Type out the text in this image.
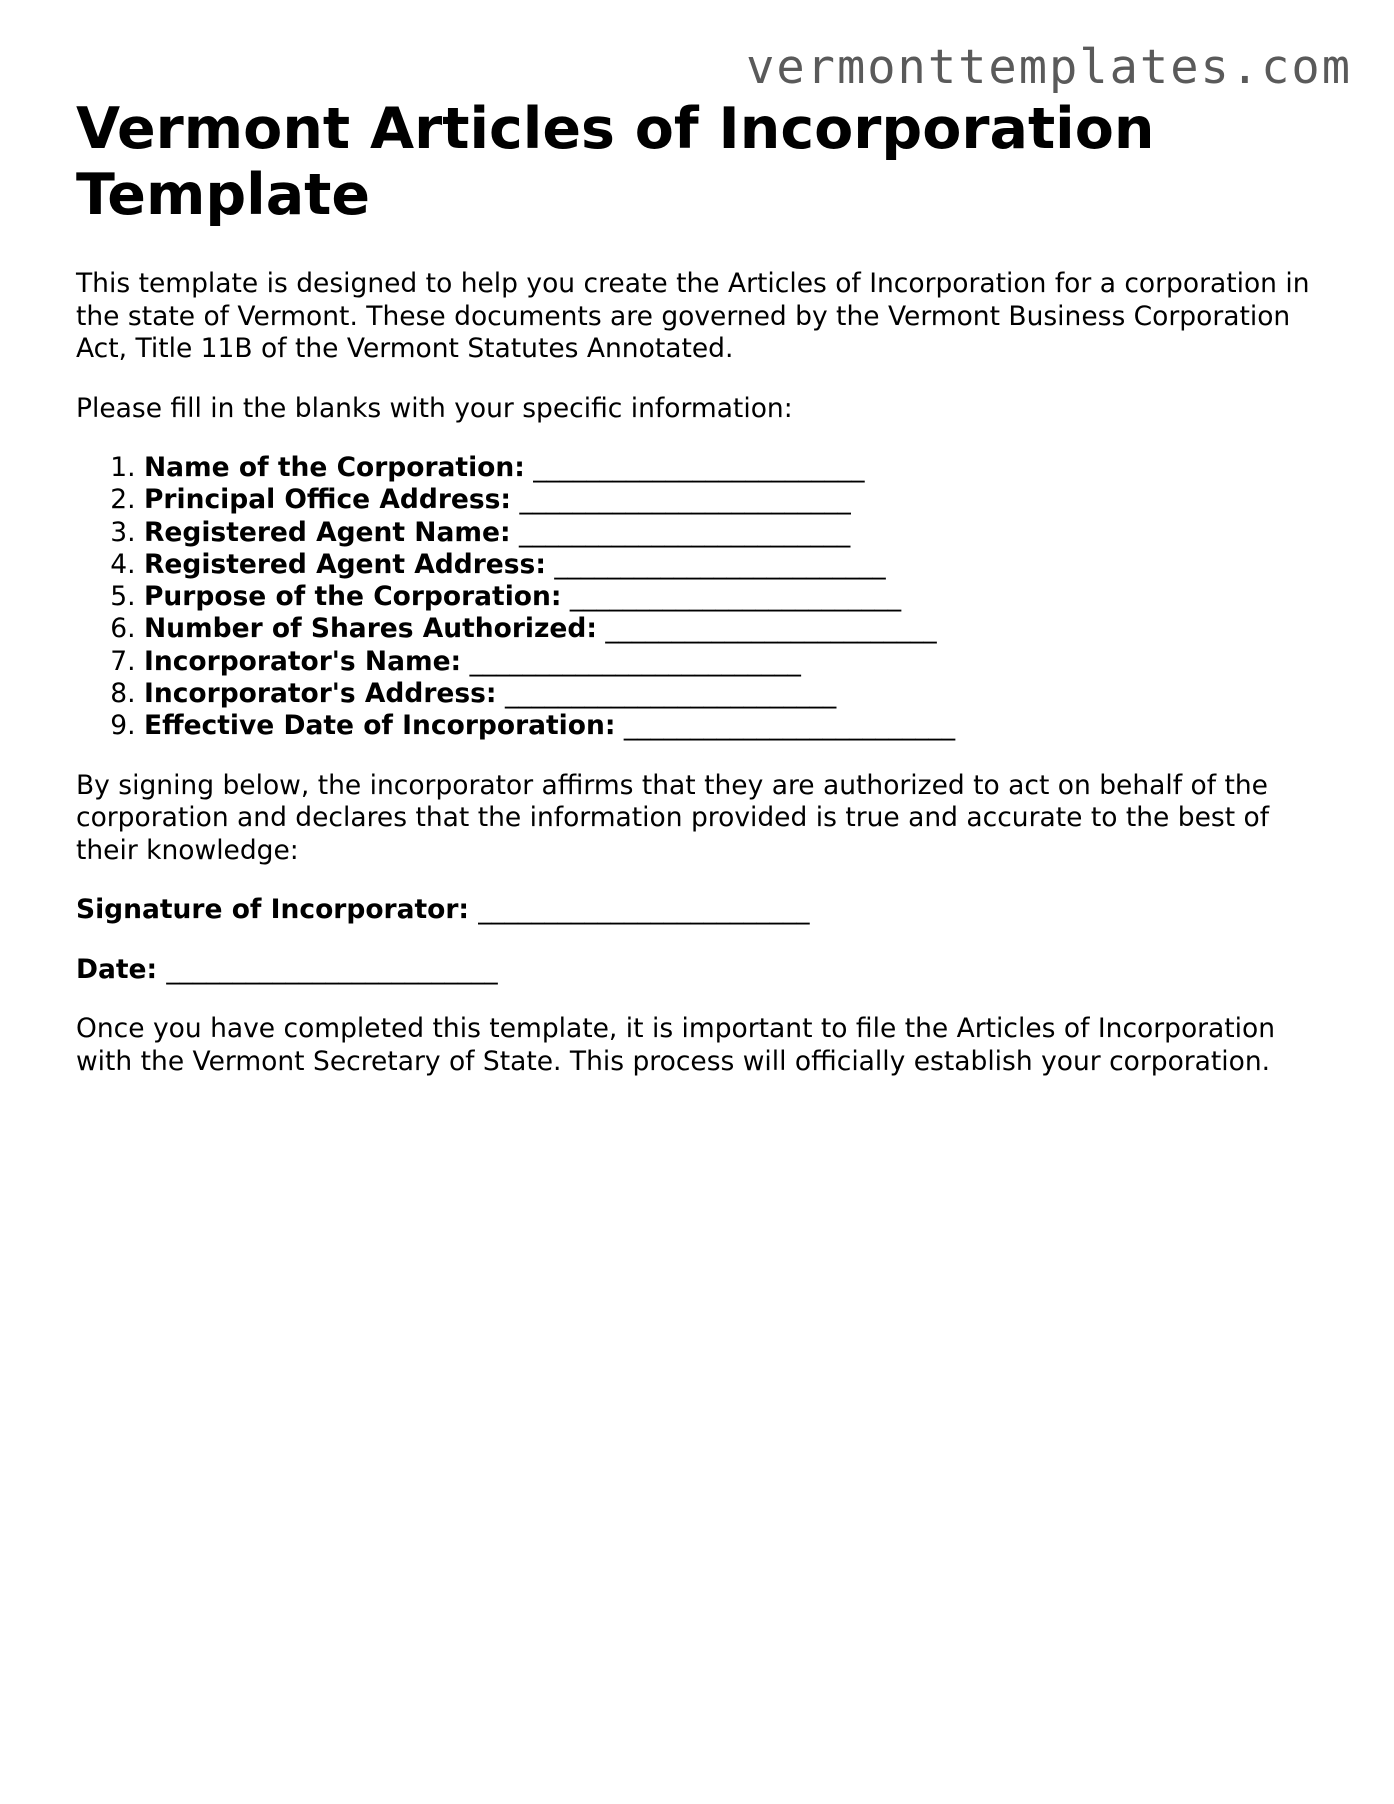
vermonttemplates.com
Vermont Articles of Incorporation Template

This template is designed to help you create the Articles of Incorporation for a corporation in the state of Vermont. These documents are governed by the Vermont Business Corporation Act, Title 11B of the Vermont Statutes Annotated.

Please fill in the blanks with your specific information:

1. Name of the Corporation: _________________________
2. Principal Office Address: _________________________
3. Registered Agent Name: _________________________
4. Registered Agent Address: _________________________
5. Purpose of the Corporation: _________________________
6. Number of Shares Authorized: _________________________
7. Incorporator's Name: _________________________
8. Incorporator's Address: _________________________
9. Effective Date of Incorporation: _________________________

By signing below, the incorporator affirms that they are authorized to act on behalf of the corporation and declares that the information provided is true and accurate to the best of their knowledge:

Signature of Incorporator: _________________________

Date: _________________________

Once you have completed this template, it is important to file the Articles of Incorporation with the Vermont Secretary of State. This process will officially establish your corporation.
